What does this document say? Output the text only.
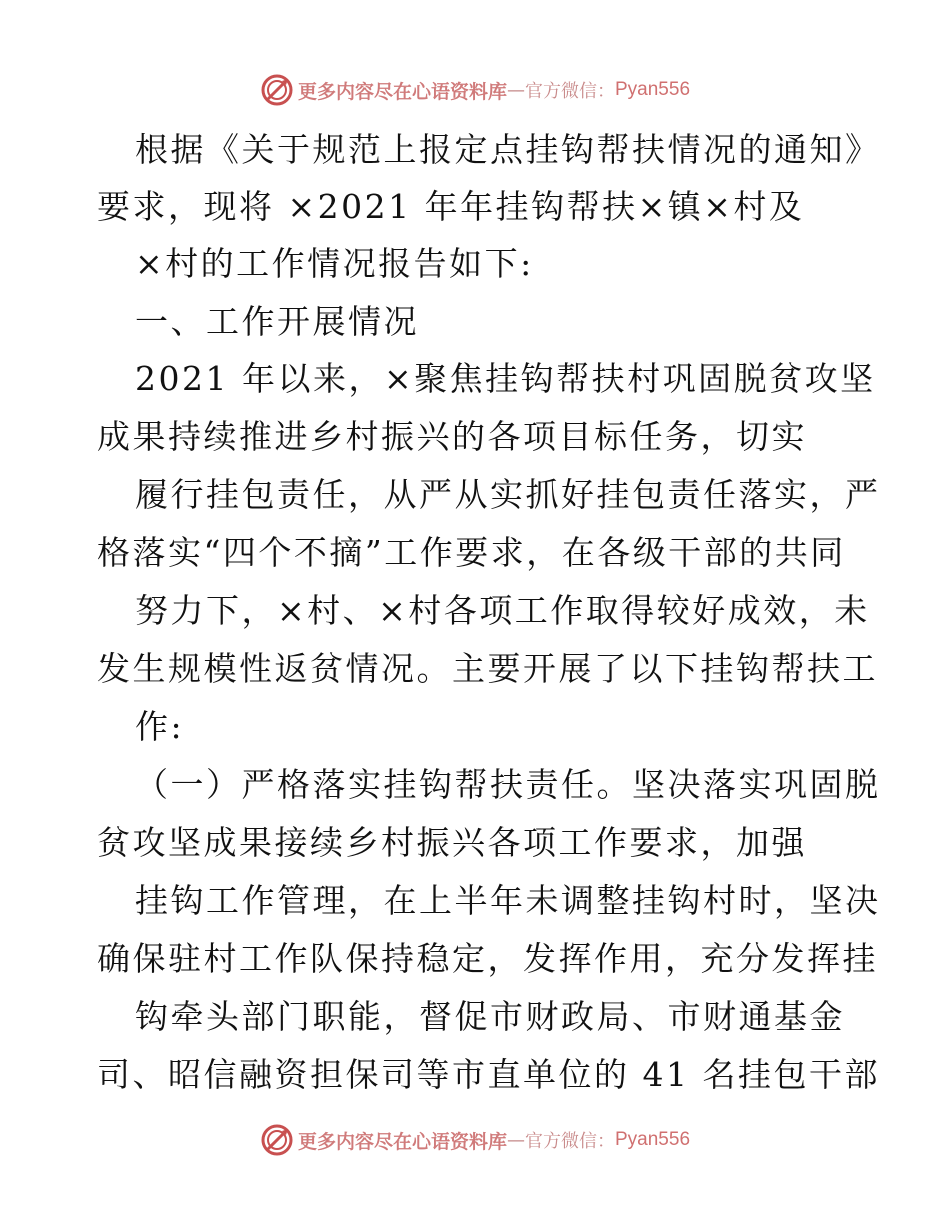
更多内容尽在心语资料库 — 官方微信： Pyan556
根据《关于规范上报定点挂钩帮扶情况的通知》
要求，现将 ×2021 年年挂钩帮扶×镇×村及
×村的工作情况报告如下:
一、工作开展情况
2021 年以来，×聚焦挂钩帮扶村巩固脱贫攻坚
成果持续推进乡村振兴的各项目标任务，切实
履行挂包责任，从严从实抓好挂包责任落实，严
格落实“四个不摘”工作要求，在各级干部的共同
努力下，×村、×村各项工作取得较好成效，未
发生规模性返贫情况。主要开展了以下挂钩帮扶工
作:
（一）严格落实挂钩帮扶责任。坚决落实巩固脱
贫攻坚成果接续乡村振兴各项工作要求，加强
挂钩工作管理，在上半年未调整挂钩村时，坚决
确保驻村工作队保持稳定，发挥作用，充分发挥挂
钩牵头部门职能，督促市财政局、市财通基金
司、昭信融资担保司等市直单位的 41 名挂包干部
更多内容尽在心语资料库 — 官方微信： Pyan556
